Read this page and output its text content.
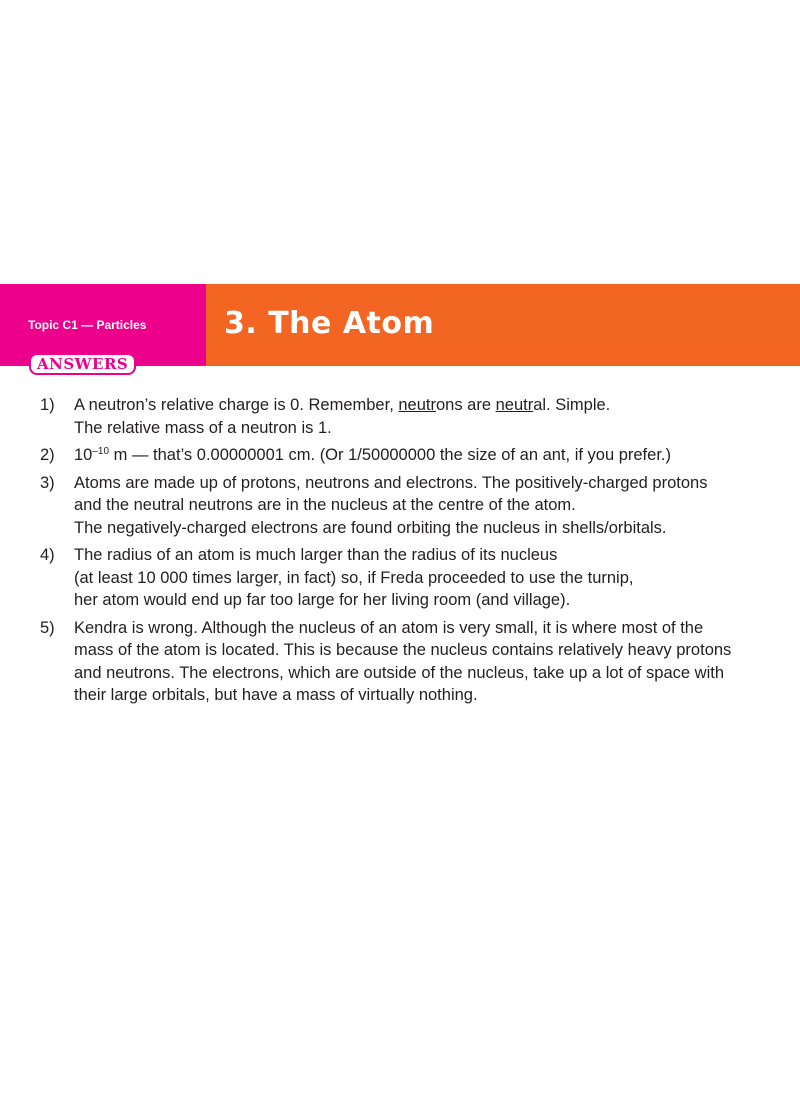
Topic C1 — Particles	3. The Atom
ANSWERS
1) A neutron’s relative charge is 0. Remember, neutrons are neutral. Simple.
The relative mass of a neutron is 1.
2) $10^{-10}$ m — that’s 0.00000001 cm. (Or 1/50000000 the size of an ant, if you prefer.)
3) Atoms are made up of protons, neutrons and electrons. The positively-charged protons
and the neutral neutrons are in the nucleus at the centre of the atom.
The negatively-charged electrons are found orbiting the nucleus in shells/orbitals.
4) The radius of an atom is much larger than the radius of its nucleus
(at least 10 000 times larger, in fact) so, if Freda proceeded to use the turnip,
her atom would end up far too large for her living room (and village).
5) Kendra is wrong. Although the nucleus of an atom is very small, it is where most of the
mass of the atom is located. This is because the nucleus contains relatively heavy protons
and neutrons. The electrons, which are outside of the nucleus, take up a lot of space with
their large orbitals, but have a mass of virtually nothing.
